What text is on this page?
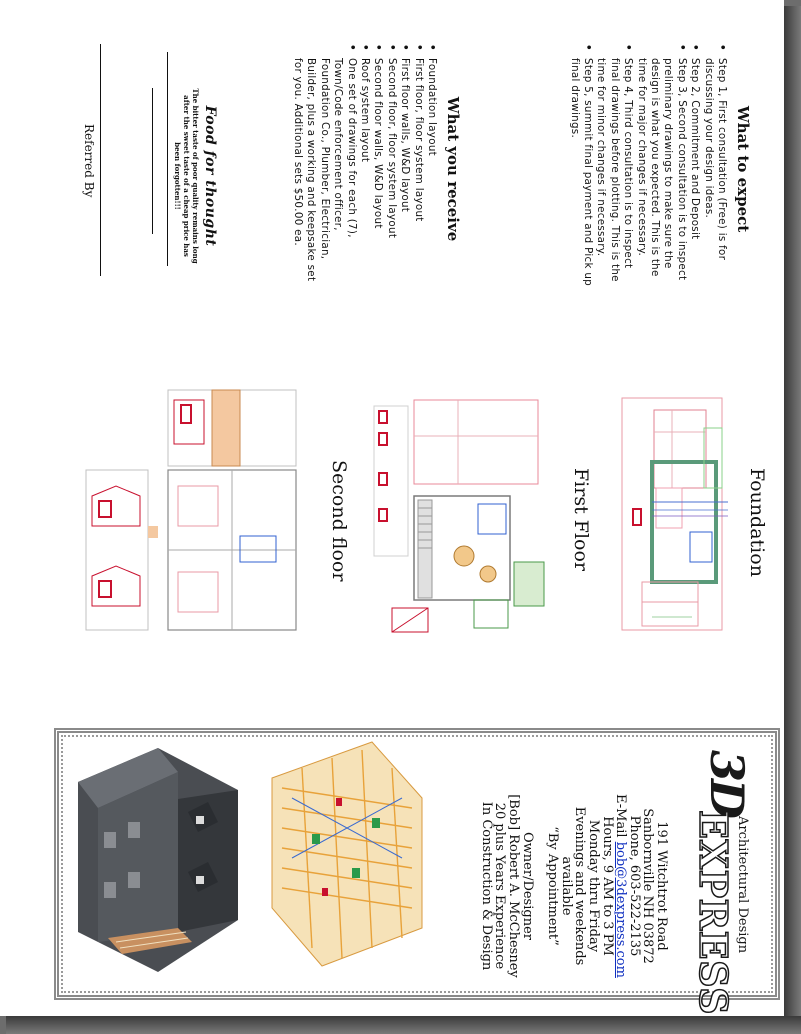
What to expect
• Step 1, First consultation (Free) is for discussing your design ideas.
• Step 2, Commitment and Deposit
• Step 3, Second consultation is to inspect preliminary drawings to make sure the design is what you expected. This is the time for major changes if necessary.
• Step 4, Third consultation is to inspect final drawings before plotting. This is the time for minor changes if necessary.
• Step 5, summit final payment and Pick up final drawings.
What you receive
• Foundation layout
• First floor, floor system layout
• First floor walls, W&D layout
• Second floor, floor system layout
• Second floor walls, W&D layout
• Roof system layout
• One set of drawings for each (7), Town/Code enforcement officer, Foundation Co., Plumber, Electrician, Builder, plus a working and keepsake set for you. Additional sets $50.00 ea.
Food for thought
The bitter taste of poor quality remains long after the sweet taste of a cheap price has been forgotten!!!
Referred By
Foundation
First Floor
Second floor
3D
EXPRESS Architectural Design
191 Witchtrot Road
Sanbornville NH 03872
Phone, 603-522-2135
E-Mail bob@3dexpress.com
Hours, 9 AM to 3 PM
Monday thru Friday
Evenings and weekends available
“By Appointment”
Owner/Designer
[Bob] Robert A. McChesney
20 plus Years Experience
In Construction & Design
